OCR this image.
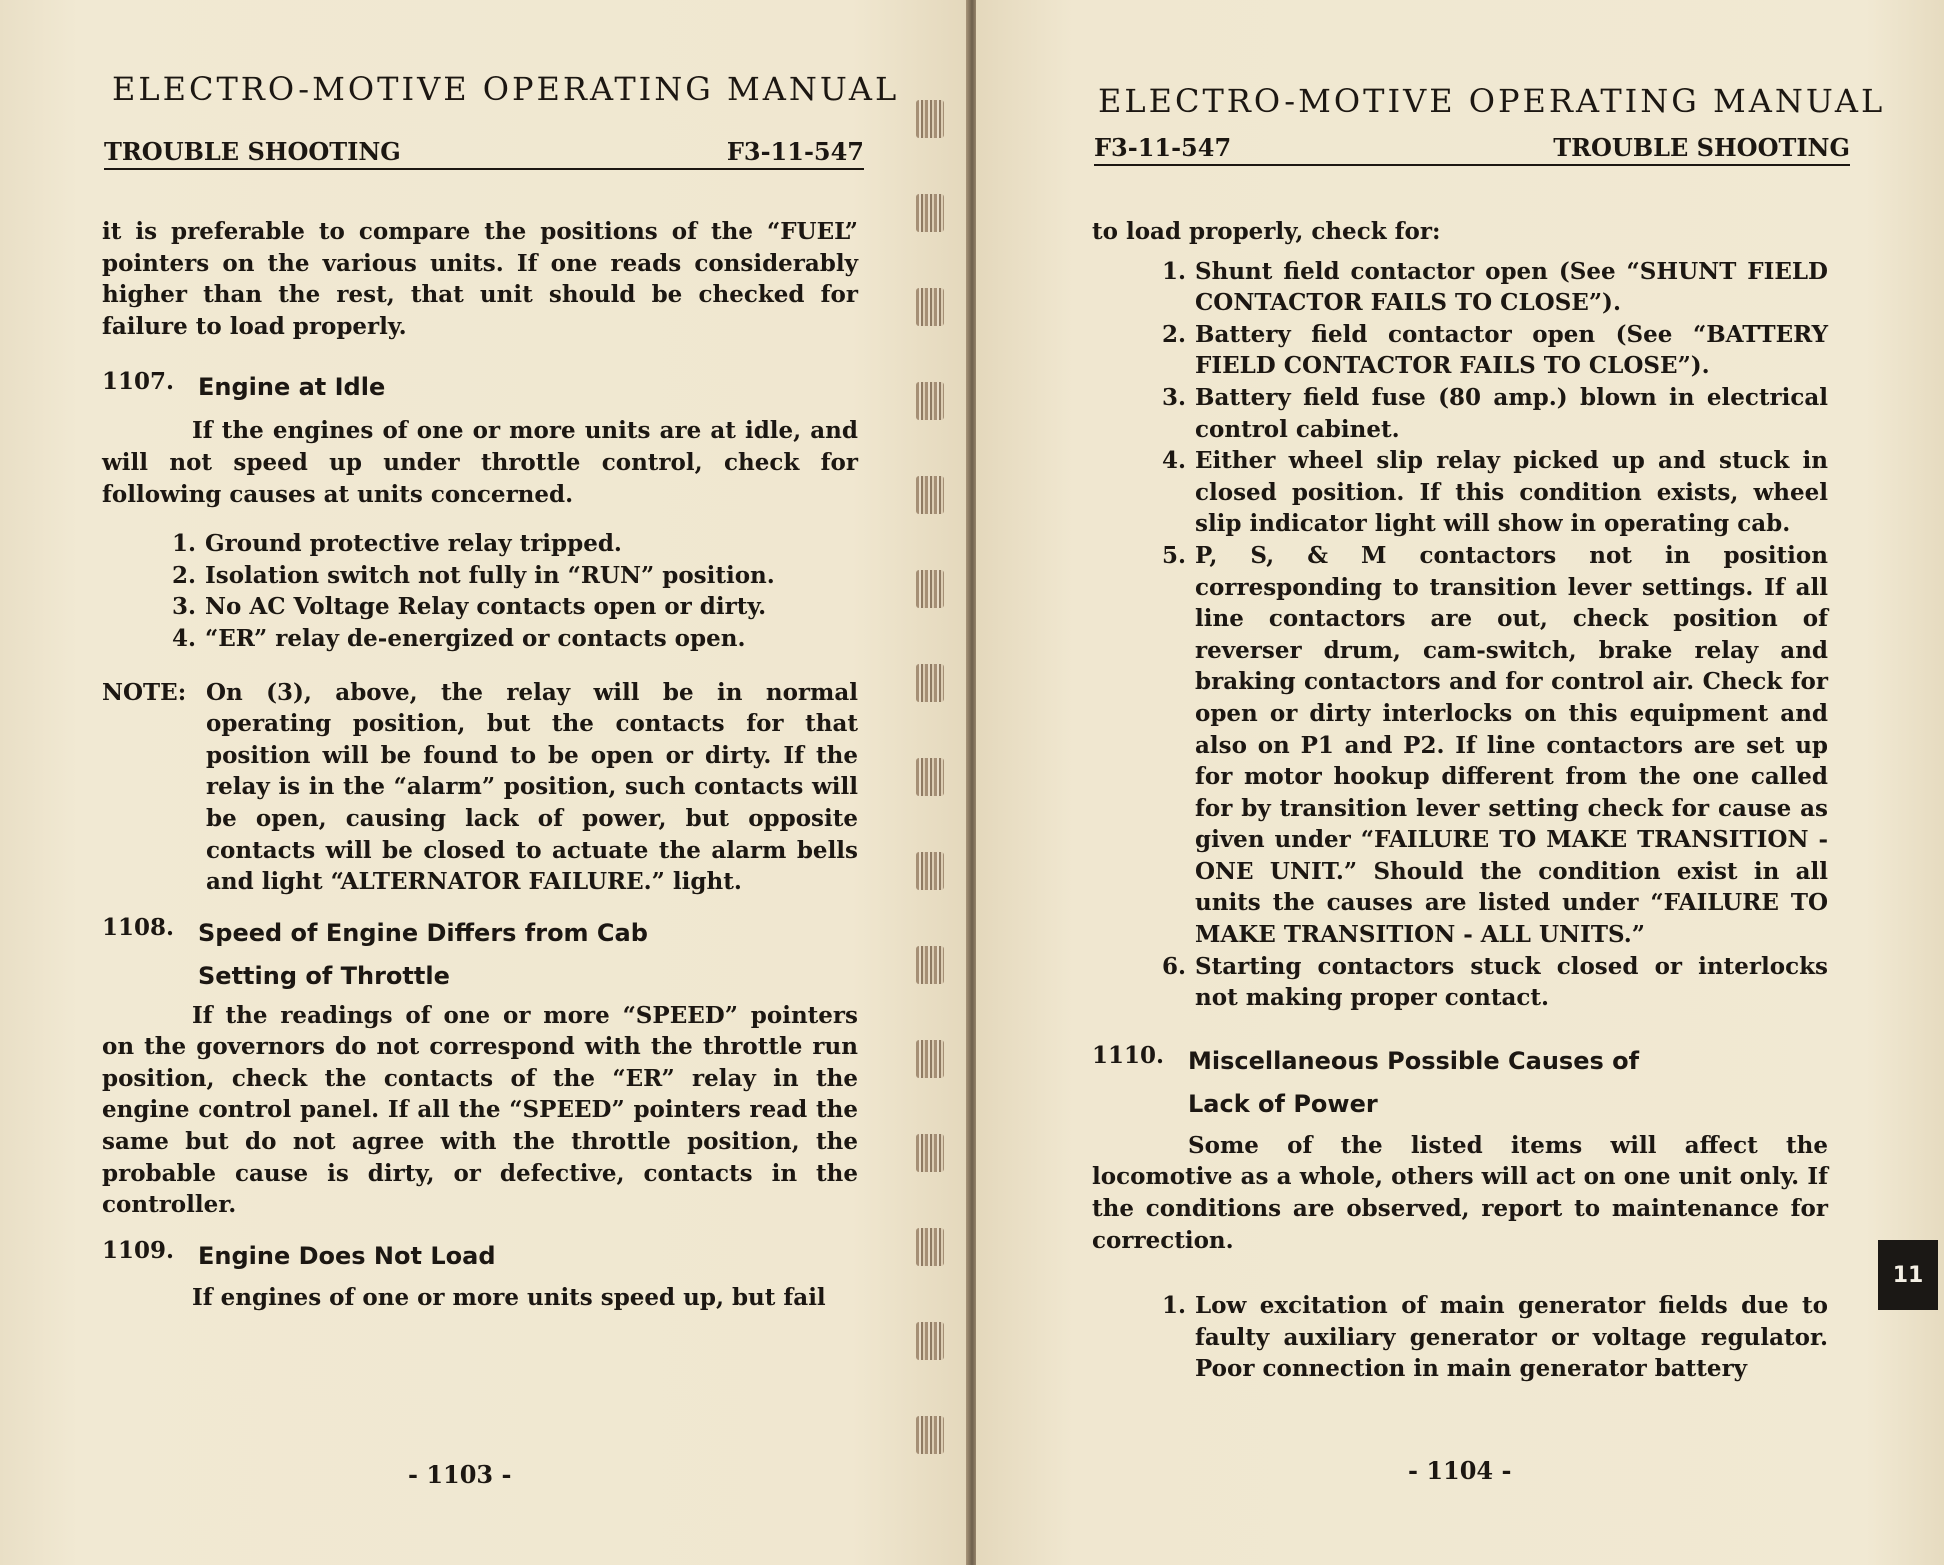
ELECTRO-MOTIVE OPERATING MANUAL
TROUBLE SHOOTING	F3-11-547

it is preferable to compare the positions of the “FUEL” pointers on the various units. If one reads considerably higher than the rest, that unit should be checked for failure to load properly.

1107. Engine at Idle

If the engines of one or more units are at idle, and will not speed up under throttle control, check for following causes at units concerned.

1. Ground protective relay tripped.
2. Isolation switch not fully in “RUN” position.
3. No AC Voltage Relay contacts open or dirty.
4. “ER” relay de-energized or contacts open.
NOTE: On (3), above, the relay will be in normal operating position, but the contacts for that position will be found to be open or dirty. If the relay is in the “alarm” position, such contacts will be open, causing lack of power, but opposite contacts will be closed to actuate the alarm bells and light “ALTERNATOR FAILURE.” light.
1108. Speed of Engine Differs from Cab
Setting of Throttle

If the readings of one or more “SPEED” pointers on the governors do not correspond with the throttle run position, check the contacts of the “ER” relay in the engine control panel. If all the “SPEED” pointers read the same but do not agree with the throttle position, the probable cause is dirty, or defective, contacts in the controller.

1109. Engine Does Not Load

If engines of one or more units speed up, but fail

- 1103 -
ELECTRO-MOTIVE OPERATING MANUAL
F3-11-547	TROUBLE SHOOTING

to load properly, check for:

1. Shunt field contactor open (See “SHUNT FIELD CONTACTOR FAILS TO CLOSE”).
2. Battery field contactor open (See “BATTERY FIELD CONTACTOR FAILS TO CLOSE”).
3. Battery field fuse (80 amp.) blown in electrical control cabinet.
4. Either wheel slip relay picked up and stuck in closed position. If this condition exists, wheel slip indicator light will show in operating cab.
5. P, S, & M contactors not in position corresponding to transition lever settings. If all line contactors are out, check position of reverser drum, cam-switch, brake relay and braking contactors and for control air. Check for open or dirty interlocks on this equipment and also on P1 and P2. If line contactors are set up for motor hookup different from the one called for by transition lever setting check for cause as given under “FAILURE TO MAKE TRANSITION - ONE UNIT.” Should the condition exist in all units the causes are listed under “FAILURE TO MAKE TRANSITION - ALL UNITS.”
6. Starting contactors stuck closed or interlocks not making proper contact.
1110. Miscellaneous Possible Causes of
Lack of Power

Some of the listed items will affect the locomotive as a whole, others will act on one unit only. If the conditions are observed, report to maintenance for correction.

1. Low excitation of main generator fields due to faulty auxiliary generator or voltage regulator. Poor connection in main generator battery
- 1104 -
11
